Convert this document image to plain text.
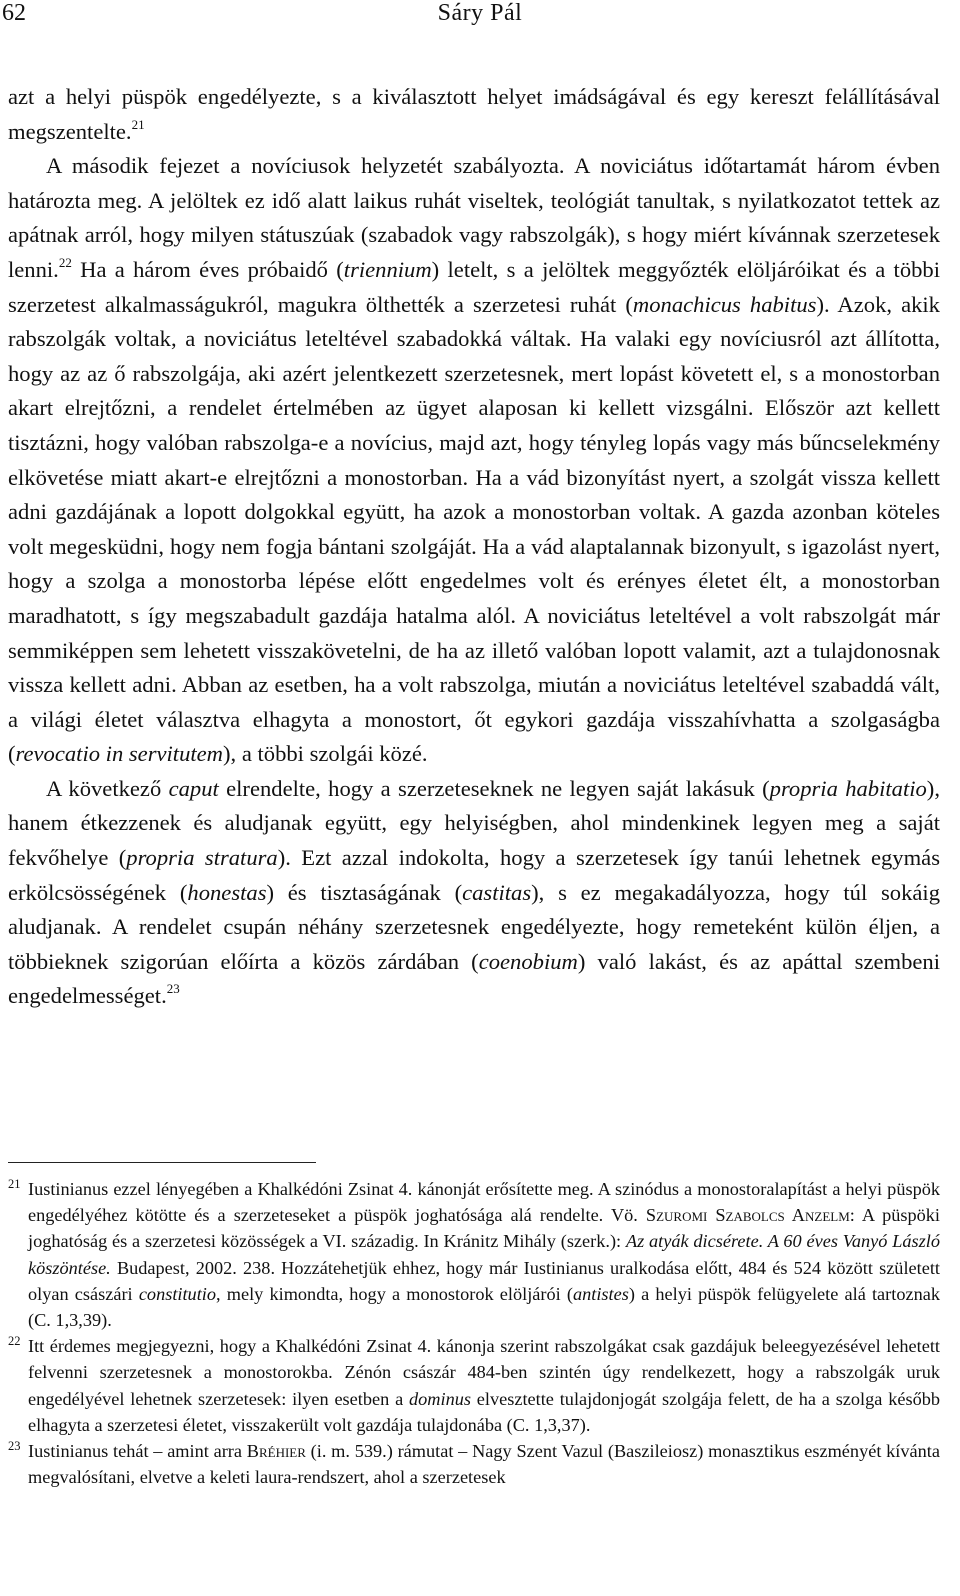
62	Sáry Pál

azt a helyi püspök engedélyezte, s a kiválasztott helyet imádságával és egy kereszt felállításával megszentelte.$^{21}$

A második fejezet a novíciusok helyzetét szabályozta. A noviciátus időtartamát három évben határozta meg. A jelöltek ez idő alatt laikus ruhát viseltek, teológiát tanultak, s nyilatkozatot tettek az apátnak arról, hogy milyen státuszúak (szabadok vagy rabszolgák), s hogy miért kívánnak szerzetesek lenni.$^{22}$ Ha a három éves próbaidő (triennium) letelt, s a jelöltek meggyőzték elöljáróikat és a többi szerzetest alkalmasságukról, magukra ölthették a szerzetesi ruhát (monachicus habitus). Azok, akik rabszolgák voltak, a noviciátus leteltével szabadokká váltak. Ha valaki egy novíciusról azt állította, hogy az az ő rabszolgája, aki azért jelentkezett szerzetesnek, mert lopást követett el, s a monostorban akart elrejtőzni, a rendelet értelmében az ügyet alaposan ki kellett vizsgálni. Először azt kellett tisztázni, hogy valóban rabszolga-e a novícius, majd azt, hogy tényleg lopás vagy más bűncselekmény elkövetése miatt akart-e elrejtőzni a monostorban. Ha a vád bizonyítást nyert, a szolgát vissza kellett adni gazdájának a lopott dolgokkal együtt, ha azok a monostorban voltak. A gazda azonban köteles volt megesküdni, hogy nem fogja bántani szolgáját. Ha a vád alaptalannak bizonyult, s igazolást nyert, hogy a szolga a monostorba lépése előtt engedelmes volt és erényes életet élt, a monostorban maradhatott, s így megszabadult gazdája hatalma alól. A noviciátus leteltével a volt rabszolgát már semmiképpen sem lehetett visszakövetelni, de ha az illető valóban lopott valamit, azt a tulajdonosnak vissza kellett adni. Abban az esetben, ha a volt rabszolga, miután a noviciátus leteltével szabaddá vált, a világi életet választva elhagyta a monostort, őt egykori gazdája visszahívhatta a szolgaságba (revocatio in servitutem), a többi szolgái közé.

A következő caput elrendelte, hogy a szerzeteseknek ne legyen saját lakásuk (propria habitatio), hanem étkezzenek és aludjanak együtt, egy helyiségben, ahol mindenkinek legyen meg a saját fekvőhelye (propria stratura). Ezt azzal indokolta, hogy a szerzetesek így tanúi lehetnek egymás erkölcsösségének (honestas) és tisztaságának (castitas), s ez megakadályozza, hogy túl sokáig aludjanak. A rendelet csupán néhány szerzetesnek engedélyezte, hogy remeteként külön éljen, a többieknek szigorúan előírta a közös zárdában (coenobium) való lakást, és az apáttal szembeni engedelmességet.$^{23}$

21 Iustinianus ezzel lényegében a Khalkédóni Zsinat 4. kánonját erősítette meg. A szinódus a monostoralapítást a helyi püspök engedélyéhez kötötte és a szerzeteseket a püspök joghatósága alá rendelte. Vö. Szuromi Szabolcs Anzelm: A püspöki joghatóság és a szerzetesi közösségek a VI. századig. In Kránitz Mihály (szerk.): Az atyák dicsérete. A 60 éves Vanyó László köszöntése. Budapest, 2002. 238. Hozzátehetjük ehhez, hogy már Iustinianus uralkodása előtt, 484 és 524 között született olyan császári constitutio, mely kimondta, hogy a monostorok elöljárói (antistes) a helyi püspök felügyelete alá tartoznak (C. 1,3,39).

22 Itt érdemes megjegyezni, hogy a Khalkédóni Zsinat 4. kánonja szerint rabszolgákat csak gazdájuk beleegyezésével lehetett felvenni szerzetesnek a monostorokba. Zénón császár 484-ben szintén úgy rendelkezett, hogy a rabszolgák uruk engedélyével lehetnek szerzetesek: ilyen esetben a dominus elvesztette tulajdonjogát szolgája felett, de ha a szolga később elhagyta a szerzetesi életet, visszakerült volt gazdája tulajdonába (C. 1,3,37).

23 Iustinianus tehát – amint arra Bréhier (i. m. 539.) rámutat – Nagy Szent Vazul (Baszileiosz) monasztikus eszményét kívánta megvalósítani, elvetve a keleti laura-rendszert, ahol a szerzetesek
